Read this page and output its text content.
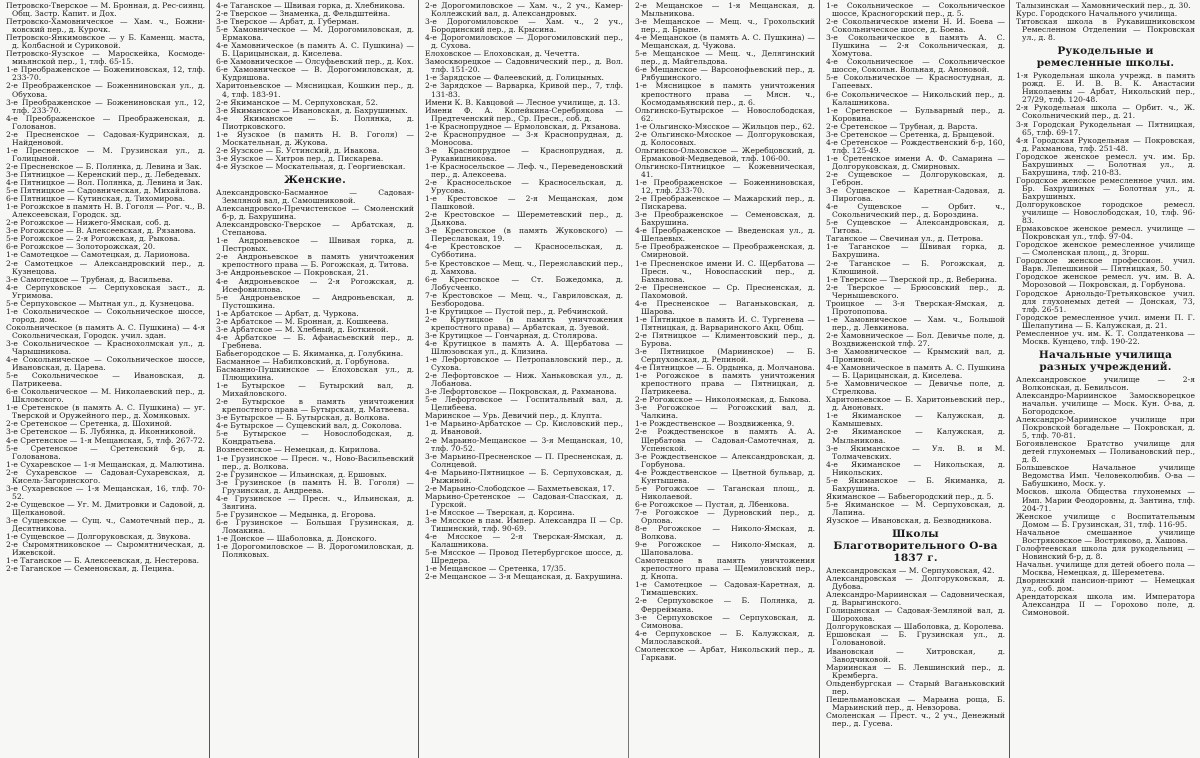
Петровско-Тверское — М. Бронная, д. Рес-сиянц. Общ. Застр. Капит. и Дох.

Петровско-Хамовническое — Хам. ч., Божни-ковский пер., д. Курочк.

Петровско-Янкимовское — у Б. Каменщ. маста, д. Колбасной и Суриковой.

Петровско-Яузское — Мароскейка, Космоде-миьянской пер., 1, тлф. 65-15.

1-е Преображенское — Божениновская, 12, тлф. 233-70.

2-е Преображенское — Боженниновская ул., д. Обухова.

3-е Преображенское — Божениновская ул., 12, тлф. 233-70.

4-е Преображенское — Преображенская, д. Голованов.

2-е Пресненское — Садовая-Кудринская, д. Найденовой.

1-е Пресненское — М. Грузинская ул., д. Голицыной.

2-е Пресненское — Б. Полянка, д. Левина и Зак.

3-е Пятницкое — Керенский пер., д. Лебедевых.

4-е Пятницкое — Вол. Полянка, д. Левина и Зак.

5-е Пятницкое — Садовническая, д. Михайлова.

6-е Пятницкое — Кутинская, д. Тихомирова.

1-е Рогожское в память Н. В. Гоголя — Рог. ч., В. Алексеевская, Городск. зд.

2-е Рогожское — Нижего-Ямская, соб. д.

3-е Рогожское — В. Алексеевская, д. Рязанова.

5-е Рогожское — 2-я Рогожская, д. Рыкова.

6-е Рогожское — Золоторожская, 20.

1-е Самотецкое — Самотецкая, д. Ларионова.

2-е Самотецкое — Александровский пер., д. Кузнецова.

3-е Самотецкое — Трубная, д. Васильева.

4-е Серпуховское — Серпуховская заст., д. Угримова.

5-е Серпуховское — Мытная ул., д. Кузнецова.

1-е Сокольническое — Сокольническое шоссе, город. дом.

Сокольническое (в память А. С. Пушкина) — 4-я Сокольническая, Городск. учил. здан.

3-е Сокольническое — Краснохолмская ул., д. Чарышникова.

4-е Сокольническое — Сокольническое шоссе, Ивановская, д. Царева.

5-е Сокольническое — Ивановская, д. Патрикеева.

6-е Сокольническое — М. Николаевский пер., д. Шкловского.

1-е Сретенское (в память А. С. Пушкина) — уг. Тверской и Оружейного пер., д. Хомяковых.

2-е Сретенское — Сретенка, д. Шохиной.

3-е Сретенское — Б. Лубянка, д. Иконниковой.

4-е Сретенское — 1-я Мещанская, 5, тлф. 267-72.

5-е Сретенское — Сретенский б-р, д. Голованова.

1-е Сухаревское — 1-я Мещанская, д. Малютина.

2-е Сухаревское — Садовая-Сухаревская, д. Кисель-Загорянского.

3-е Сухаревское — 1-я Мещанская, 16, тлф. 70-52.

2-е Сущевское — Уг. М. Дмитровки и Садовой, д. Щелкановой.

3-е Сущевское — Сущ. ч., Самотечный пер., д. Десятникова.

1-е Сущевское — Долгоруковская, д. Звукова.

2-е Сыромятниковское — Сыромятническая, д. Ижевской.

1-е Таганское — Б. Алексеевская, д. Нестерова.

2-е Таганское — Семеновская, д. Пецина.

4-е Таганское — Швивая горка, д. Хлебникова.

2-е Тверское — Знаменка, д. Фельдштейна.

3-е Тверское — Арбат, д. Губерман.

5-е Хамовническое — М. Дорогомиловская, д. Ермакова.

4-е Хамовническое (в память А. С. Пушкина) — Б. Царицынская, д. Киселева.

6-е Хамовническое — Олсуфьевский пер., д. Кох.

6-е Хамовническое — В. Дорогомиловская, д. Кудряшова.

Харитоньевское — Мясницкая, Кошкин пер., д. 4, тлф. 183-91.

2-е Якиманское — М. Серпуховская, 52.

3-е Якиманское — Ивановская, д. Бахрушиных.

4-е Якиманское — Б. Полянка, д. Пиотрковского.

1-е Яузское (в память Н. В. Гоголя) — Москательная, д. Жукова.

2-е Яузское — Б. Устинский, д. Ивакова.

3-е Яузское — Хитров пер., д. Пискарева.

4-е Яузское — Москательная, д. Георгиевская.

Женские.

Александровско-Басманное — Садовая-Земляной вал, д. Самошниковой.

Александровско-Пречистенское — Смоленский б-р, д. Бахрушина.

Александровско-Тверское — Арбатская, д. Степанова.

1-е Андроньевское — Швивая горка, д. Пестровых.

2-е Андроньевское в память уничтожения крепостного права — Б. Рогожская, д. Титова.

3-е Андроньевское — Покровская, 21.

4-е Андроньевское — 2-я Рогожская, д. Исефовиллова.

5-е Андроньевское — Андроньевская, д. Пустошкина.

1-е Арбатское — Арбат, д. Чуркова.

2-е Арбатское — М. Бронная, д. Кошкеева.

3-е Арбатское — М. Хлебный, д. Боткиной.

4-е Арбатское — Б. Афанасьевский пер., д. Гребнева.

Бабьегородское — Б. Якиманка, д. Голубкина.

Басманное — Набилковский, д. Горбунова.

Басманно-Пушкинское — Елоховская ул., д. Плющихина.

1-е Бутырское — Бутырский вал, д. Михайловского.

2-е Бутырское в память уничтожения крепостного права — Бутырская, д. Матвеева.

3-е Бутырское — Б. Бутырская, д. Волкова.

4-е Бутырское — Сущевский вал, д. Соколова.

5-е Бутырское — Новослободская, д. Кондратьева.

Вознесенское — Немецкая, д. Кирилова.

1-е Грузинское — Пресн. ч., Ново-Васильевский пер., д. Волкова.

2-е Грузинское — Ильинская, д. Ершовых.

3-е Грузинское (в память Н. В. Гоголя) — Грузинская, д. Андреева.

4-е Грузинское — Пресн. ч., Ильинская, д. Звягина.

5-е Грузинское — Медынка, д. Егорова.

6-е Грузинское — Большая Грузинская, д. Ломакина.

1-е Донское — Шаболовка, д. Донского.

1-е Дорогомиловское — В. Дорогомиловская, д. Поляковых.

2-е Дорогомиловское — Хам. ч., 2 уч., Камер-Коллежский вал, д. Александровых.

3-е Дорогомиловское — Хам. ч., 2 уч., Бородинский пер., д. Крысина.

4-е Дорогомиловское — Дорогомиловский пер., д. Сухова.

Елоховское — Елоховская, д. Чечетта.

Замоскворецкое — Садовнический пер., д. Вол. тлф. 151-20.

1-е Зарядское — Фалеевский, д. Голицыных.

2-е Зарядское — Варварка, Кривой пер., 7, тлф. 131-83.

Имени К. В. Кавцовой — Лесное училище, д. 13.

Имени Ф. А. Копейкина-Серебрякова — Предтеченский пер., Ср. Пресн., соб. д.

1-е Краснопрудное — Ермоловская, д. Рязанова.

2-е Краснопрудное — 3-я Краснопрудная, д. Моносова.

3-е Краснопрудное — Краснопрудная, д. Рукавишникова.

1-е Красносельское — Леф. ч., Переведеновский пер., д. Алексеева.

2-е Красносельское — Красносельская, д. Урусова.

1-е Крестовское — 2-я Мещанская, дом Пашковой.

2-е Крестовское — Шереметевский пер., д. Дьякова.

3-е Крестовское (в память Жуковского) — Переславская, 19.

4-е Крестовское — Красносельская, д. Субботина.

5-е Крестовское — Мещ. ч., Переяславский пер., д. Хамхова.

6-е Крестовское — Ст. Божедомка, д. Лобусченко.

7-е Крестовское — Мещ. ч., Гавриловская, д. Безбородова.

1-е Крутицкое — Пустой пер., д. Ребчинской.

2-е Крутицкое (в память уничтожения крепостного права) — Арбатская, д. Зуевой.

3-е Крутицкое — Гончарная, д. Столярова.

4-е Крутицкое в память А. А. Щербатова — Шлюзовская ул., д. Клизина.

1-е Лефортовское — Петропавловский пер., д. Сухова.

2-е Лефортовское — Ниж. Ханьковская ул., д. Лобанова.

3-е Лефортовское — Покровская, д. Рахманова.

5-е Лефортовское — Госпитальный вал, д. Целибеева.

Маринское — Урь. Девичий пер., д. Клупта.

1-е Марьино-Арбатское — Ср. Кисловский пер., д. Ивановой.

2-е Марьино-Мещанское — 3-я Мещанская, 10, тлф. 70-52.

3-е Марьино-Пресненское — П. Пресненская, д. Солнцевой.

4-е Марьино-Пятницкое — Б. Серпуховская, д. Рыжиной.

2-е Марьино-Слободское — Бахметьевская, 17.

Марьино-Сретенское — Садовая-Спасская, д. Гурской.

1-е Мясское — Тверская, д. Корсина.

3-е Мясское в пам. Импер. Александра II — Ср. Тишинский, тлф. 90-69.

4-е Мясское — 2-я Тверская-Ямская, д. Калашникова.

5-е Мясское — Провод Петербургское шоссе, д. Шредера.

1-е Мещанское — Сретенка, 17/35.

2-е Мещанское — 3-я Мещанская, д. Бахрушина.

2-е Мещанское — 1-я Мещанская, д. Мыльникова.

3-е Мещанское — Мещ. ч., Грохольский пер., д. Брыне.

4-е Мещанское (в память А. С. Пушкина) — Мещанская, д. Чужова.

5-е Мещанское — Мещ. ч., Делягинский пер., д. Майгельдова.

6-е Мещанское — Варсонофьевский пер., д. Рябушинского.

1-е Мясницкое в память уничтожения крепостного права — Мясн. ч., Космодамьянский пер., д. 6.

Ольгинско-Бутырское — Новослободская, 62.

1-е Ольгинско-Мясское — Жильцов пер., 62.

2-е Ольгинско-Мясское — Долгоруковская, д. Колосовых.

Ольгинско-Ольховское — Жеребцовский, д. Ермаковой-Медведевой, тлф. 106-00.

Ольгинско-Пятницкое — Кожевническая, 41.

1-е Преображенское — Боженниновская, 12, тлф. 233-70.

2-е Преображенское — Мажарский пер., д. Пискарева.

3-е Преображенское — Семеновская, д. Бахрушина.

4-е Преображенское — Введенская ул., д. Шелаевых.

5-е Преображенское — Преображенская, д. Смирновой.

1-е Пресненское имени И. С. Щербатова — Пресн. ч., Новоспасский пер., д. Бахвалова.

2-е Пресненское — Ср. Пресненская, д. Пахомовой.

4-е Пресненское — Ваганьковская, д. Шарова.

1-е Пятницкое в память И. С. Тургенева — Пятницкая, д. Варваринского Акц. Общ.

2-е Пятницкое — Климентовский пер., д. Бурова.

3-е Пятницкое (Мариинское) — Б. Серпуховская, д. Репиной.

4-е Пятницкое — Б. Ордынка, д. Молчанова.

1-е Рогожское в память уничтожения крепостного права — Пятницкая, д. Патрикеева.

2-е Рогожское — Николоямская, д. Быкова.

3-е Рогожское — Рогожский вал, д. Чалкина.

1-е Рождественское — Воздвиженка, 9.

2-е Рождественское в память А. А. Щербатова — Садовая-Самотечная, д. Успенской.

3-е Рождественское — Александровская, д. Горбунова.

4-е Рождественское — Цветной бульвар, д. Кунтышева.

5-е Рогожское — Таганская площ., д. Николаевой.

6-е Рогожское — Пустая, д. Лбенкова.

7-е Рогожское — Дурновский пер., д. Орлова.

8-е Рогожское — Николо-Ямская, д. Волкова.

9-е Рогожское — Николо-Ямская, д. Шаповалова.

Самотецкое в память уничтожения крепостного права — Щемиловский пер., д. Кнопа.

1-е Самотецкое — Садовая-Каретная, д. Тимашевских.

2-е Серпуховское — Б. Полянка, д. Ферреймана.

3-е Серпуховское — Серпуховская, д. Симонова.

4-е Серпуховское — Б. Калужская, д. Милославской.

Смоленское — Арбат, Никольский пер., д. Гаркави.

1-е Сокольническое — Сокольническое шоссе, Красногорский пер., д. 5.

2-е Сокольническое имени Н. И. Боева — Сокольническое шоссе, д. Боева.

3-е Сокольническое в память А. С. Пушкина — 2-я Сокольническая, д. Хомутова.

4-е Сокольническое — Сокольническое шоссе, Сокольн. Вольная, д. Аноновой.

5-е Сокольническое — Красностудная, д. Гапеевых.

6-е Сокольническое — Никольский пер., д. Калашникова.

1-е Сретенское — Бульварный пер., д. Коровина.

2-е Сретенское — Трубная, д. Варста.

3-е Сретенское — Сретенка, д. Брыцевой.

4-е Сретенское — Рождественский б-р, 160, тлф. 125-49.

1-е Сретенское имени А. Ф. Самарина — Долгоруковская, д. Смирновых.

2-е Сущевское — Долгоруковская, д. Геброн.

3-е Сущевское — Каретная-Садовая, д. Пирогова.

4-е Сущевское — Орбит. ч., Сокольнический пер., д. Бороздина.

5-е Сущевское — Александровская, д. Титова.

Таганское — Свечиная ул., д. Петрова.

1-е Таганское — Швивая горка, д. Бахрушина.

2-е Таганское — Б. Рогожская, д. Клюшиной.

1-е Тверское — Тверской пр., д. Веберина.

2-е Тверское — Брюсовский пер., д. Чернышевского.

Троицкое — 3-я Тверская-Ямская, д. Протопопова.

1-е Хамовническое — Хам. ч., Большой пер., д. Левкинова.

2-е Хамовническое — Бол. Девичье поле, д. Воздвиженской тлф. 27.

3-е Хамовническое — Крымский вал, д. Прониной.

4-е Хамовническое в память А. С. Пушкина — Б. Царицынская, д. Киселева.

5-е Хамовническое — Девичье поле, д. Стрелкова.

Харитоньевское — Б. Харитоньевский пер., д. Аноновых.

1-е Якиманское — Калужская, д. Камышевых.

2-е Якиманское — Калужская, д. Мыльникова.

3-е Якиманское — Ул. В. и М. Толмачевских.

4-е Якиманское — Никольская, д. Никольских.

5-е Якиманское — Б. Якиманка, д. Бахрушина.

Якиманское — Бабьегородский пер., д. 5.

5-е Якиманское — М. Серпуховская, д. Лапина.

Яузское — Ивановская, д. Безводникова.

Школы Благотворительного О-ва 1837 г.

Александровская — М. Серпуховская, 42.

Александровская — Долгоруковская, д. Дубова.

Александро-Мариинская — Садовническая, д. Варыгинского.

Голицынская — Садовая-Земляной вал, д. Шорохова.

Долгоруковская — Шаболовка, д. Королева.

Ершовская — Б. Грузинская ул., д. Головановой.

Ивановская — Хитровская, д. Заводчиковой.

Мариинская — Б. Левшинский пер., д. Кремберга.

Ольденбургская — Старый Ваганьковский пер.

Пешельмановская — Марьина роща, Б. Марьинский пер., д. Невзорова.

Смоленская — Прест. ч., 2 уч., Денежный пер., д. Гусева.

Талызинская — Хамовнический пер., д. 30.

Курс. Городского Начального училища.

Титовская школа в Рукавишниковском Ремесленном Отделении — Покровская ул., д. 8.

Рукодельные и ремесленные школы.

1-я Рукодельная школа учрежд. в память рожд. Е. И. В. В. К. Анастасии Николаевны — Арбат, Никольский пер., 27/29, тлф. 120-48.

2-я Рукодельная школа — Орбит. ч., Ж. Сокольнический пер., д. 21.

3-я Городская Рукодельная — Пятницкая, 65, тлф. 69-17.

4-я Городская Рукодельная — Покровская, д. Рахманова, тлф. 251-48.

Городское женское ремесл. уч. им. Бр. Бахрушиных — Болотная ул., д. Бахрушина, тлф. 210-83.

Городское женское ремесленное учил. им. Бр. Бахрушиных — Болотная ул., д. Бахрушиных.

Долгоруковское городское ремесл. училище — Новослободская, 10, тлф. 96-83.

Ермаковское женское ремесл. училище — Покровская ул., тлф. 97-04.

Городское женское ремесленное училище — Смоленская площ., д. Згорш.

Городское женское профессион. учил. Варв. Лепешкиной — Пятницкая, 50.

Городское женское ремесл. уч. им. В. А. Морозовой — Покровская, д. Горбунова.

Городское Арнольдо-Третьяковское учил. для глухонемых детей — Донская, 73, тлф. 26-51.

Городское ремесленное учил. имени П. Г. Шелапутина — Б. Калужская, д. 21.

Ремесленное уч. им. К. Т. Солдатенкова — Москв. Кунцево, тлф. 190-22.

Начальные училища разных учреждений.

Александровское училище — 2-я Волконская, д. Бевильсон.

Александро-Мариинское Замоскворецкое начальн. училище — Моск. Кун. О-ва, д. Богородское.

Александро-Мариинское училище при Покровской богадельне — Покровская, д. 5, тлф. 70-81.

Богоявленское Братство училище для детей глухонемых — Поливановский пер., д. 8.

Большевское Начальное училище Ведомства Имп. Человеколюбив. О-ва — Бабушкино, Моск. у.

Москов. школа Общества глухонемых — Имп. Марии Феодоровны, д. Зантина, тлф. 204-71.

Женское училище с Воспитательным Домом — Б. Грузинская, 31, тлф. 116-95.

Начальное смешанное училище Востряковское — Востряково, д. Хашова.

Голофтеевская школа для рукодельниц — Новинский б-р, д. 8.

Начальн. училище для детей обоего пола — Москва, Немецкая, д. Шереметева.

Дворянский пансион-приют — Немецкая ул., соб. дом.

Арендаторская школа им. Императора Александра II — Горохово поле, д. Симоновой.
